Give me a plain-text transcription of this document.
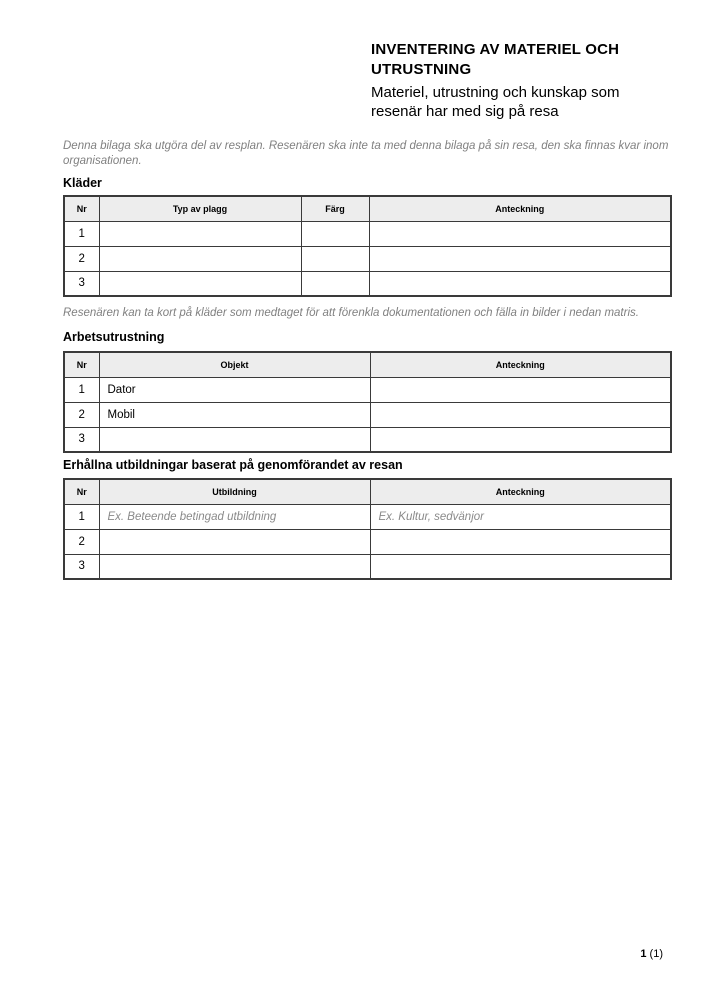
INVENTERING AV MATERIEL OCH UTRUSTNING
Materiel, utrustning och kunskap som resenär har med sig på resa
Denna bilaga ska utgöra del av resplan. Resenären ska inte ta med denna bilaga på sin resa, den ska finnas kvar inom organisationen.
Kläder
Nr	Typ av plagg	Färg	Anteckning
1			
2			
3			
Resenären kan ta kort på kläder som medtaget för att förenkla dokumentationen och fälla in bilder i nedan matris.
Arbetsutrustning
Nr	Objekt	Anteckning
1	Dator	
2	Mobil	
3		
Erhållna utbildningar baserat på genomförandet av resan
Nr	Utbildning	Anteckning
1	Ex. Beteende betingad utbildning	Ex. Kultur, sedvänjor
2		
3		
1 (1)
